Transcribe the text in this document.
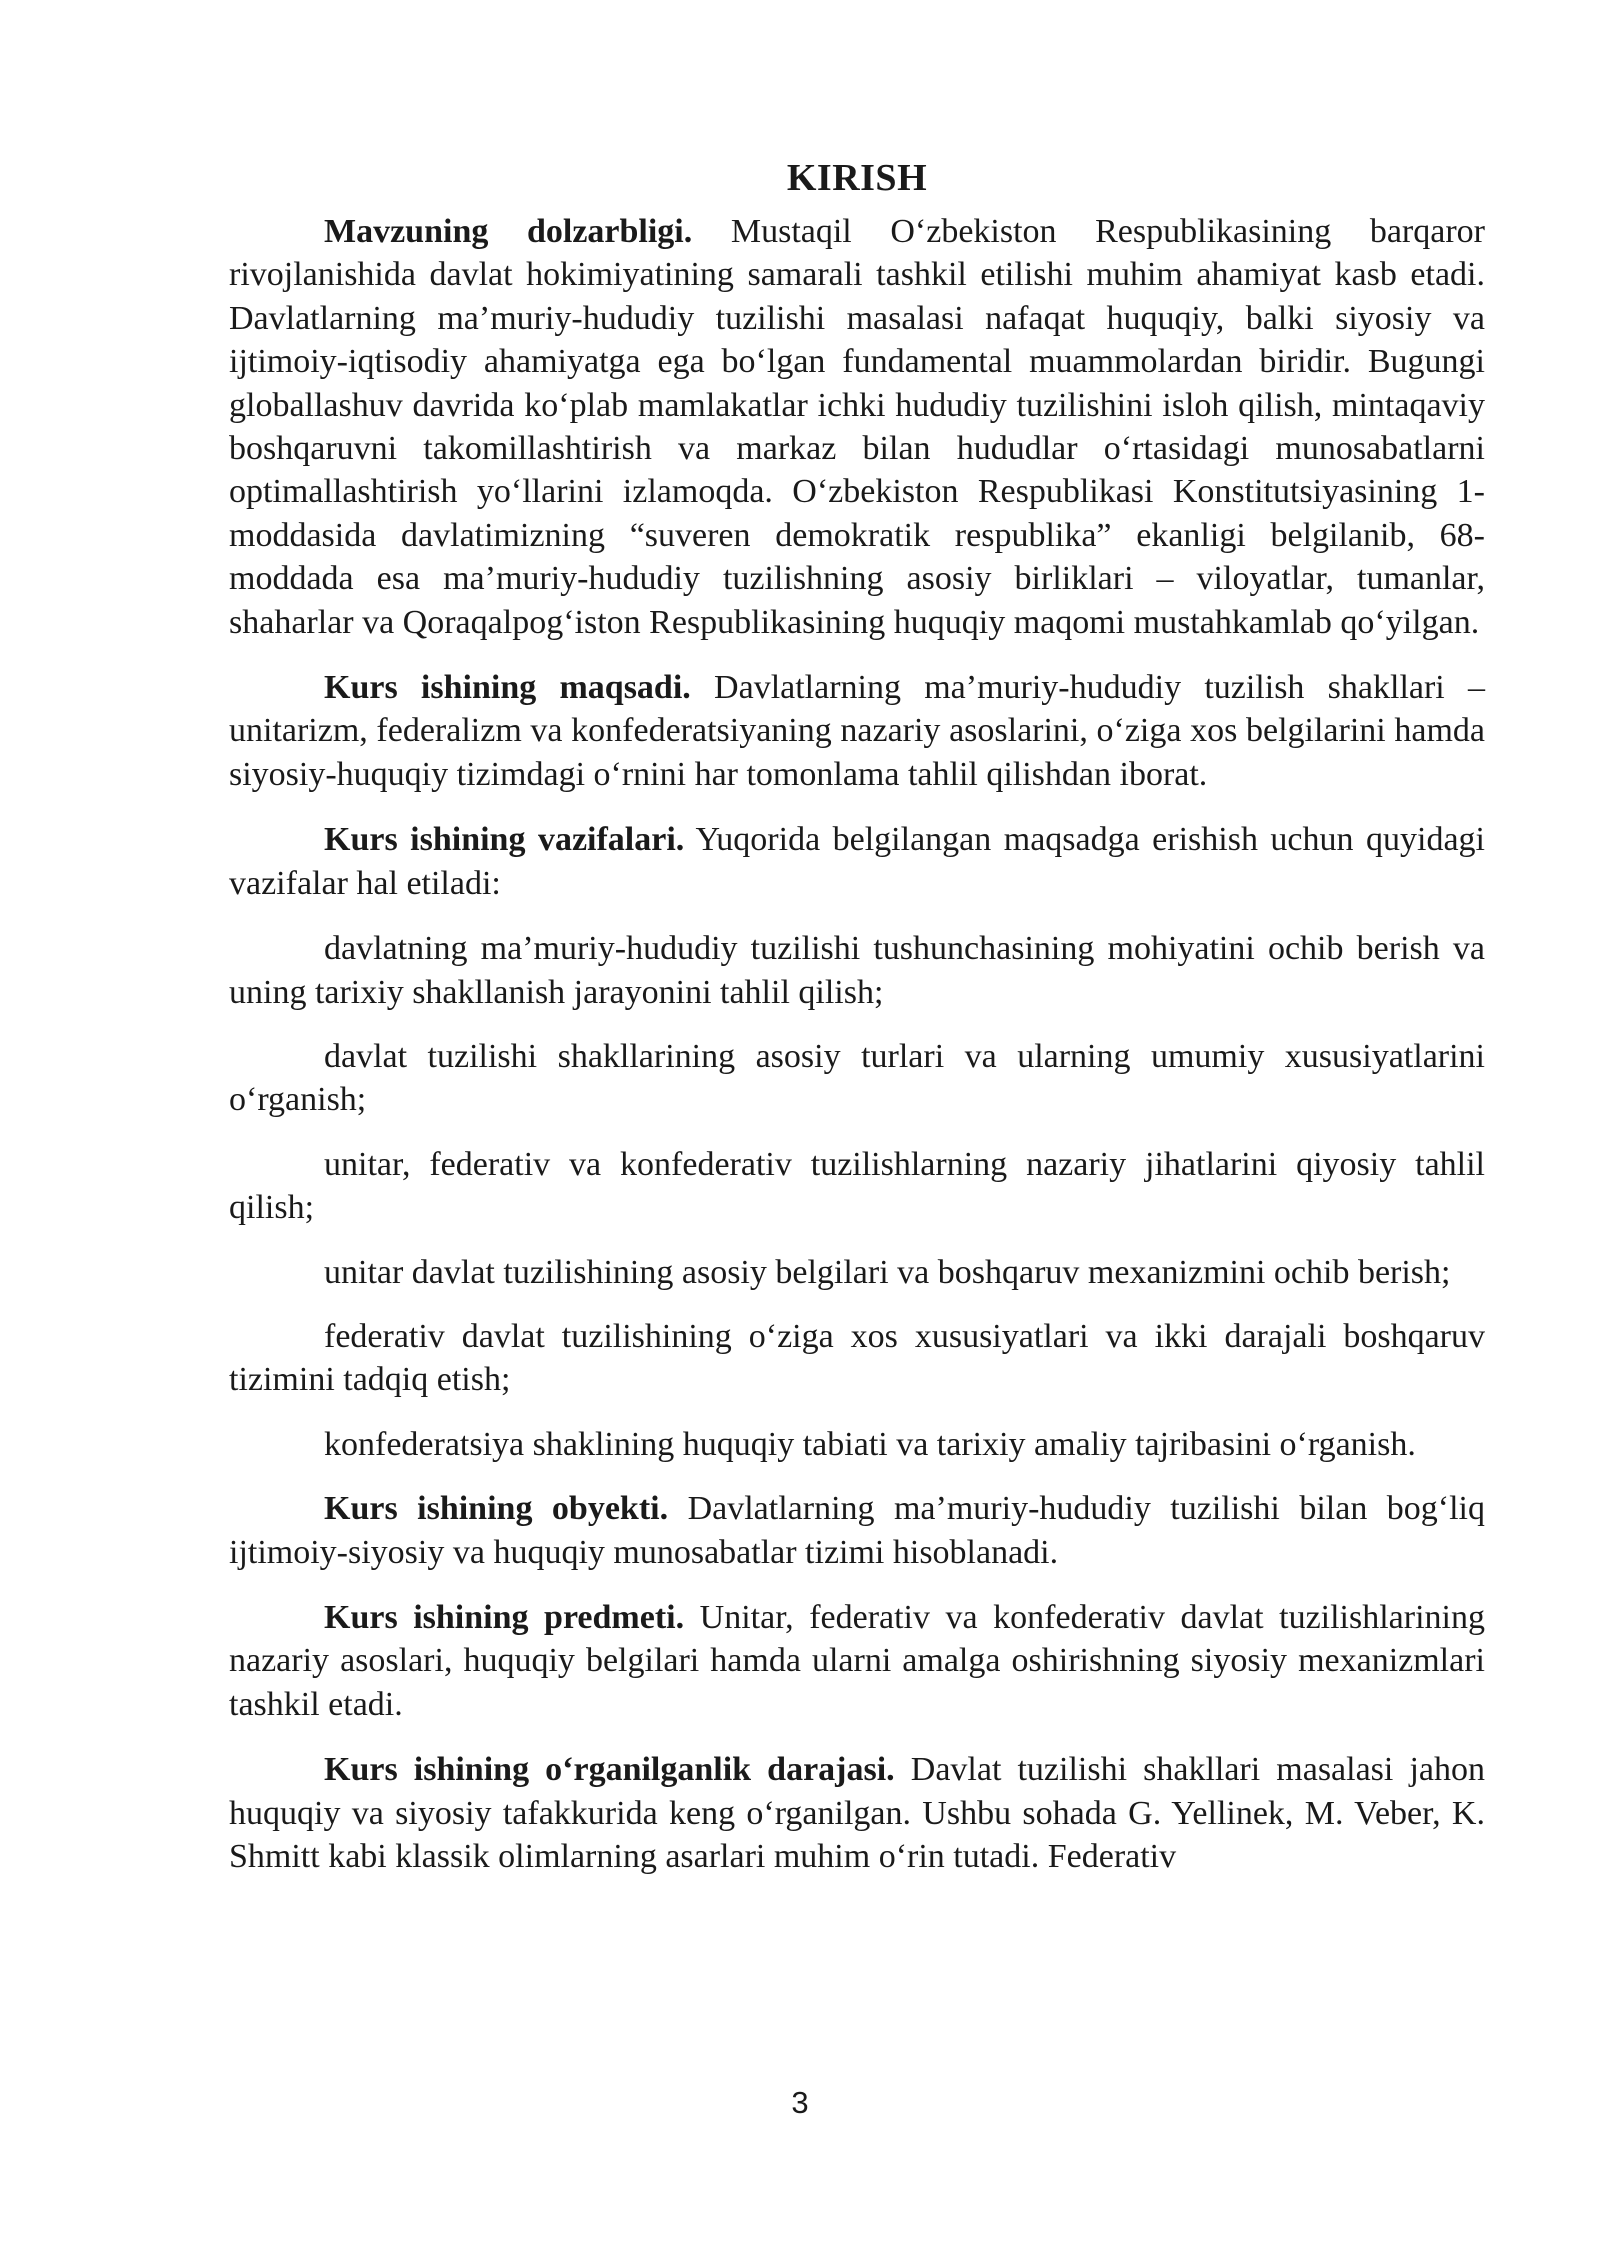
KIRISH

Mavzuning dolzarbligi. Mustaqil O‘zbekiston Respublikasining barqaror rivojlanishida davlat hokimiyatining samarali tashkil etilishi muhim ahamiyat kasb etadi. Davlatlarning ma’muriy-hududiy tuzilishi masalasi nafaqat huquqiy, balki siyosiy va ijtimoiy-iqtisodiy ahamiyatga ega bo‘lgan fundamental muammolardan biridir. Bugungi globallashuv davrida ko‘plab mamlakatlar ichki hududiy tuzilishini isloh qilish, mintaqaviy boshqaruvni takomillashtirish va markaz bilan hududlar o‘rtasidagi munosabatlarni optimallashtirish yo‘llarini izlamoqda. O‘zbekiston Respublikasi Konstitutsiyasining 1-moddasida davlatimizning “suveren demokratik respublika” ekanligi belgilanib, 68-moddada esa ma’muriy-hududiy tuzilishning asosiy birliklari – viloyatlar, tumanlar, shaharlar va Qoraqalpog‘iston Respublikasining huquqiy maqomi mustahkamlab qo‘yilgan.

Kurs ishining maqsadi. Davlatlarning ma’muriy-hududiy tuzilish shakllari – unitarizm, federalizm va konfederatsiyaning nazariy asoslarini, o‘ziga xos belgilarini hamda siyosiy-huquqiy tizimdagi o‘rnini har tomonlama tahlil qilishdan iborat.

Kurs ishining vazifalari. Yuqorida belgilangan maqsadga erishish uchun quyidagi vazifalar hal etiladi:

davlatning ma’muriy-hududiy tuzilishi tushunchasining mohiyatini ochib berish va uning tarixiy shakllanish jarayonini tahlil qilish;

davlat tuzilishi shakllarining asosiy turlari va ularning umumiy xususiyatlarini o‘rganish;

unitar, federativ va konfederativ tuzilishlarning nazariy jihatlarini qiyosiy tahlil qilish;

unitar davlat tuzilishining asosiy belgilari va boshqaruv mexanizmini ochib berish;

federativ davlat tuzilishining o‘ziga xos xususiyatlari va ikki darajali boshqaruv tizimini tadqiq etish;

konfederatsiya shaklining huquqiy tabiati va tarixiy amaliy tajribasini o‘rganish.

Kurs ishining obyekti. Davlatlarning ma’muriy-hududiy tuzilishi bilan bog‘liq ijtimoiy-siyosiy va huquqiy munosabatlar tizimi hisoblanadi.

Kurs ishining predmeti. Unitar, federativ va konfederativ davlat tuzilishlarining nazariy asoslari, huquqiy belgilari hamda ularni amalga oshirishning siyosiy mexanizmlari tashkil etadi.

Kurs ishining o‘rganilganlik darajasi. Davlat tuzilishi shakllari masalasi jahon huquqiy va siyosiy tafakkurida keng o‘rganilgan. Ushbu sohada G. Yellinek, M. Veber, K. Shmitt kabi klassik olimlarning asarlari muhim o‘rin tutadi. Federativ

3
